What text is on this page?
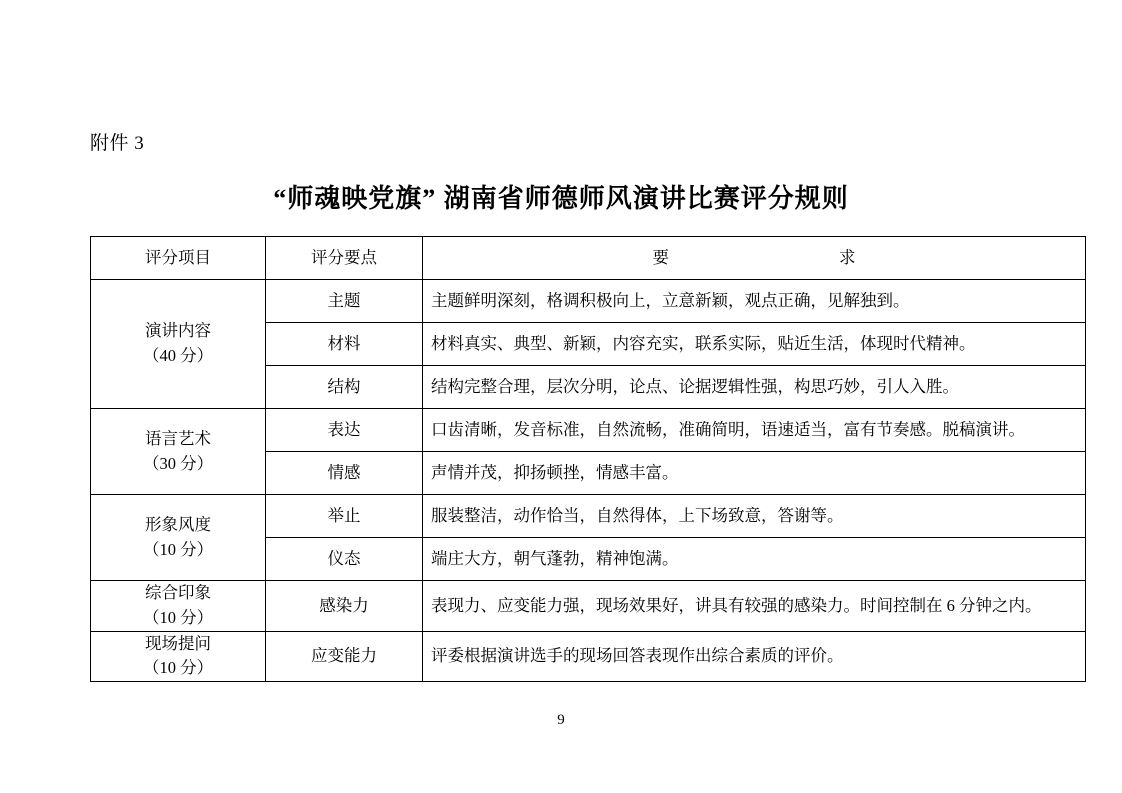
附件 3
“师魂映党旗” 湖南省师德师风演讲比赛评分规则
评分项目	评分要点	要 求

演讲内容
（40 分）	主题	主题鲜明深刻，格调积极向上，立意新颖，观点正确，见解独到。
	材料	材料真实、典型、新颖，内容充实，联系实际，贴近生活，体现时代精神。
	结构	结构完整合理，层次分明，论点、论据逻辑性强，构思巧妙，引人入胜。

语言艺术
（30 分）	表达	口齿清晰，发音标准，自然流畅，准确简明，语速适当，富有节奏感。脱稿演讲。
	情感	声情并茂，抑扬顿挫，情感丰富。

形象风度
（10 分）	举止	服装整洁，动作恰当，自然得体，上下场致意，答谢等。
	仪态	端庄大方，朝气蓬勃，精神饱满。

综合印象
（10 分）	感染力	表现力、应变能力强，现场效果好，讲具有较强的感染力。时间控制在 6 分钟之内。

现场提问
（10 分）	应变能力	评委根据演讲选手的现场回答表现作出综合素质的评价。
9
